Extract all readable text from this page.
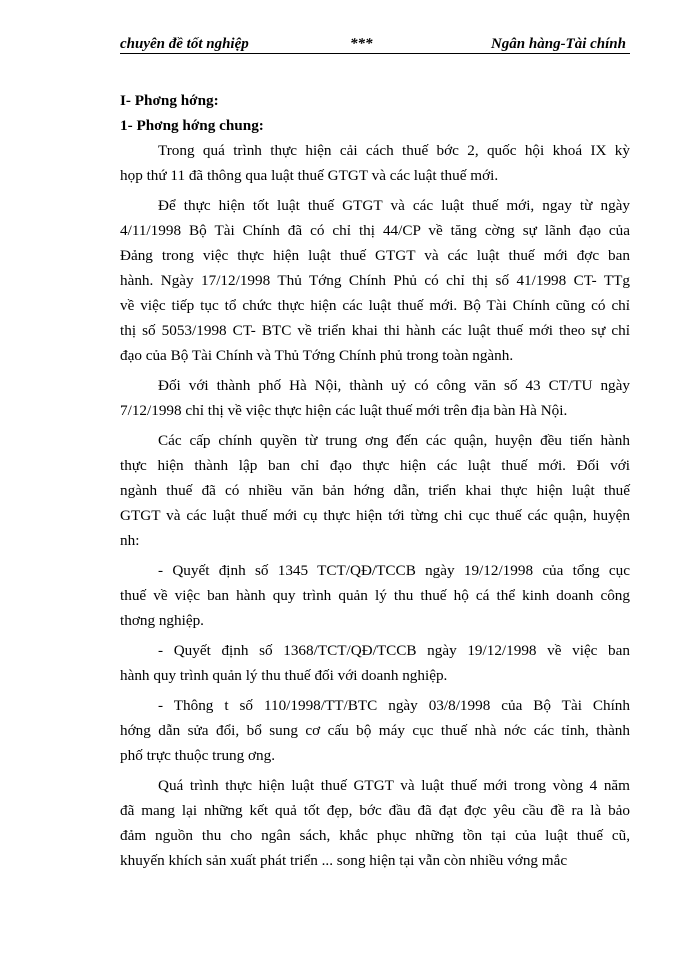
chuyên đề tốt nghiệp	***	Ngân hàng-Tài chính
I- Phơng hớng:
1- Phơng hớng chung:
Trong quá trình thực hiện cải cách thuế bớc 2, quốc hội khoá IX kỳ
họp thứ 11 đã thông qua luật thuế GTGT và các luật thuế mới.
Để thực hiện tốt luật thuế GTGT và các luật thuế mới, ngay từ ngày
4/11/1998 Bộ Tài Chính đã có chỉ thị 44/CP về tăng cờng sự lãnh đạo của
Đảng trong việc thực hiện luật thuế GTGT và các luật thuế mới đợc ban
hành. Ngày 17/12/1998 Thủ Tớng Chính Phủ có chỉ thị số 41/1998 CT- TTg
về việc tiếp tục tổ chức thực hiện các luật thuế mới. Bộ Tài Chính cũng có chỉ
thị số 5053/1998 CT- BTC về triển khai thi hành các luật thuế mới theo sự chỉ
đạo của Bộ Tài Chính và Thủ Tớng Chính phủ trong toàn ngành.
Đối với thành phố Hà Nội, thành uỷ có công văn số 43 CT/TU ngày
7/12/1998 chỉ thị về việc thực hiện các luật thuế mới trên địa bàn Hà Nội.
Các cấp chính quyền từ trung ơng đến các quận, huyện đều tiến hành
thực hiện thành lập ban chỉ đạo thực hiện các luật thuế mới. Đối với
ngành thuế đã có nhiều văn bản hớng dẫn, triển khai thực hiện luật thuế
GTGT và các luật thuế mới cụ thực hiện tới từng chi cục thuế các quận, huyện
nh:
- Quyết định số 1345 TCT/QĐ/TCCB ngày 19/12/1998 của tổng cục
thuế về việc ban hành quy trình quản lý thu thuế hộ cá thể kinh doanh công
thơng nghiệp.
- Quyết định số 1368/TCT/QĐ/TCCB ngày 19/12/1998 về việc ban
hành quy trình quản lý thu thuế đối với doanh nghiệp.
- Thông t số 110/1998/TT/BTC ngày 03/8/1998 của Bộ Tài Chính
hớng dẫn sửa đổi, bổ sung cơ cấu bộ máy cục thuế nhà nớc các tỉnh, thành
phố trực thuộc trung ơng.
Quá trình thực hiện luật thuế GTGT và luật thuế mới trong vòng 4 năm
đã mang lại những kết quả tốt đẹp, bớc đầu đã đạt đợc yêu cầu đề ra là bảo
đảm nguồn thu cho ngân sách, khắc phục những tồn tại của luật thuế cũ,
khuyến khích sản xuất phát triển ... song hiện tại vẫn còn nhiều vớng mắc
